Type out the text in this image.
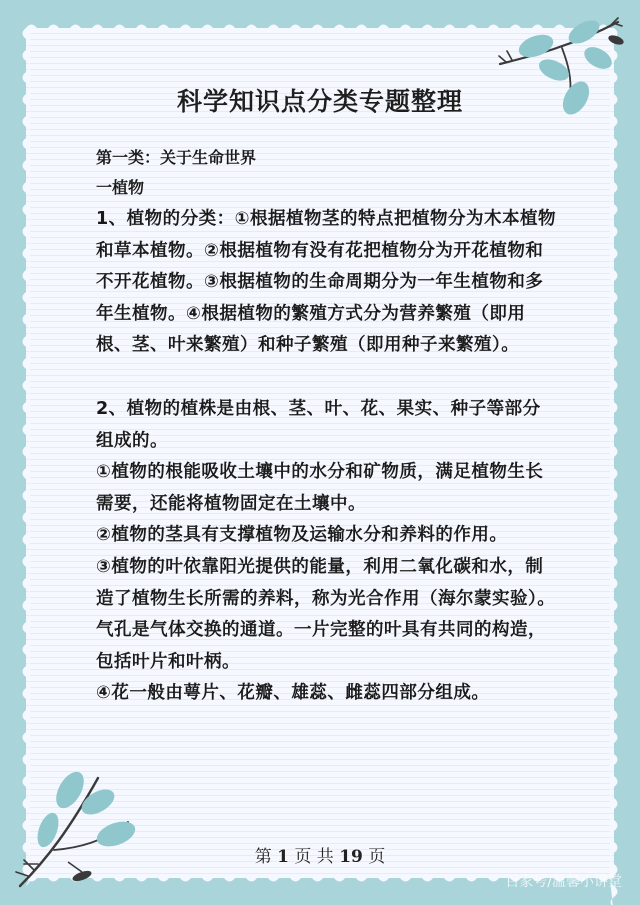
科学知识点分类专题整理
第一类：关于生命世界
一植物

1、植物的分类：①根据植物茎的特点把植物分为木本植物和草本植物。②根据植物有没有花把植物分为开花植物和不开花植物。③根据植物的生命周期分为一年生植物和多年生植物。④根据植物的繁殖方式分为营养繁殖（即用根、茎、叶来繁殖）和种子繁殖（即用种子来繁殖）。

2、植物的植株是由根、茎、叶、花、果实、种子等部分组成的。

①植物的根能吸收土壤中的水分和矿物质，满足植物生长需要，还能将植物固定在土壤中。

②植物的茎具有支撑植物及运输水分和养料的作用。

③植物的叶依靠阳光提供的能量，利用二氧化碳和水，制造了植物生长所需的养料，称为光合作用（海尔蒙实验）。气孔是气体交换的通道。一片完整的叶具有共同的构造，包括叶片和叶柄。

④花一般由萼片、花瓣、雄蕊、雌蕊四部分组成。

第 1 页 共 19 页
百家号/温馨小讲堂
